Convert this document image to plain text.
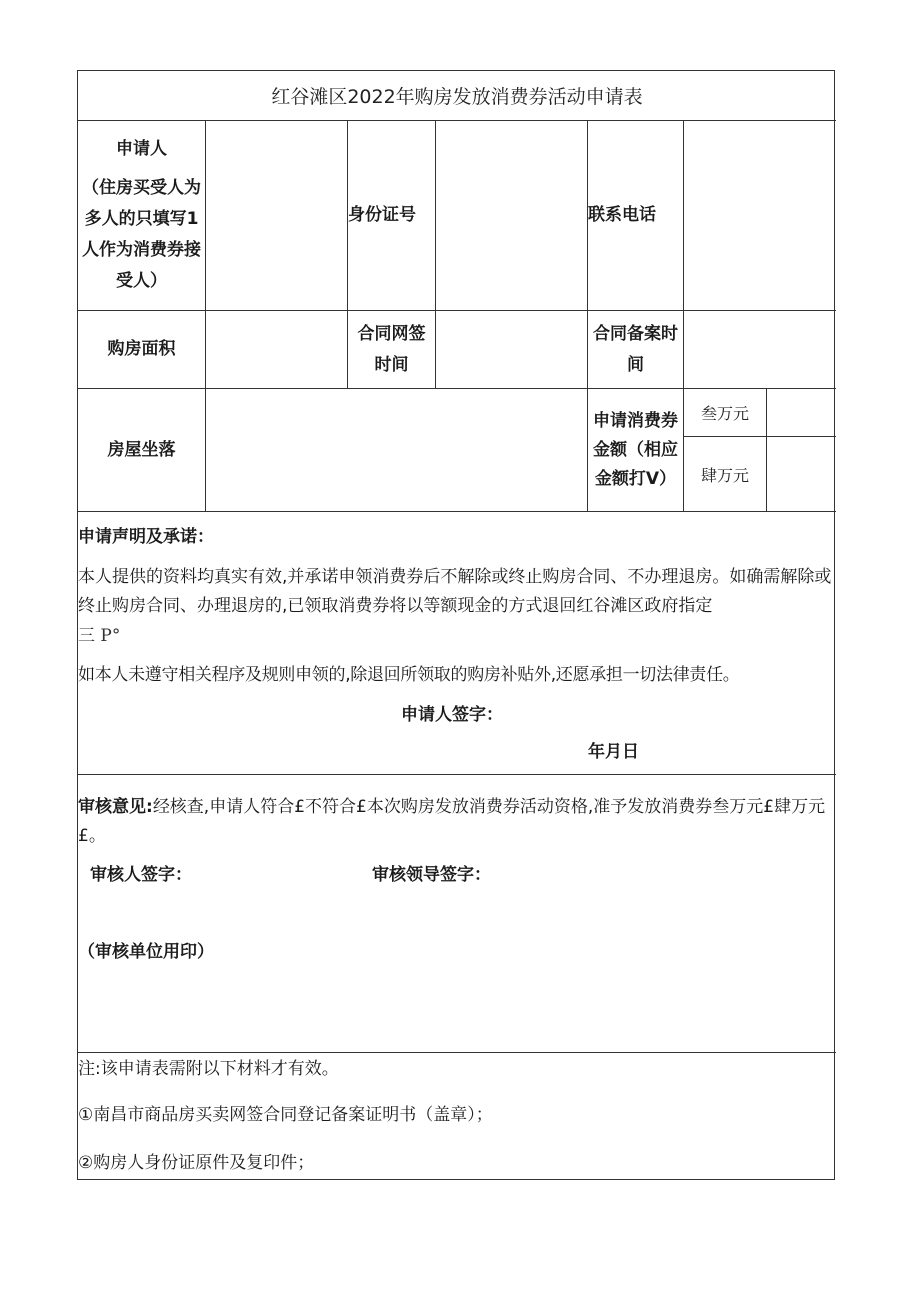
红谷滩区2022年购房发放消费券活动申请表
申请人
（住房买受人为多人的只填写1人作为消费券接受人）
身份证号	联系电话
购房面积
合同网签时间
合同备案时间
房屋坐落
申请消费券金额（相应金额打V）
叁万元
肆万元
申请声明及承诺：
本人提供的资料均真实有效,并承诺申领消费券后不解除或终止购房合同、不办理退房。如确需解除或终止购房合同、办理退房的,已领取消费券将以等额现金的方式退回红谷滩区政府指定
三 P°
如本人未遵守相关程序及规则申领的,除退回所领取的购房补贴外,还愿承担一切法律责任。
申请人签字：
年月日
审核意见:经核查,申请人符合£不符合£本次购房发放消费券活动资格,准予发放消费券叁万元£肆万元£。
审核人签字：	审核领导签字：
（审核单位用印）
注:该申请表需附以下材料才有效。
①南昌市商品房买卖网签合同登记备案证明书（盖章）；
②购房人身份证原件及复印件；
